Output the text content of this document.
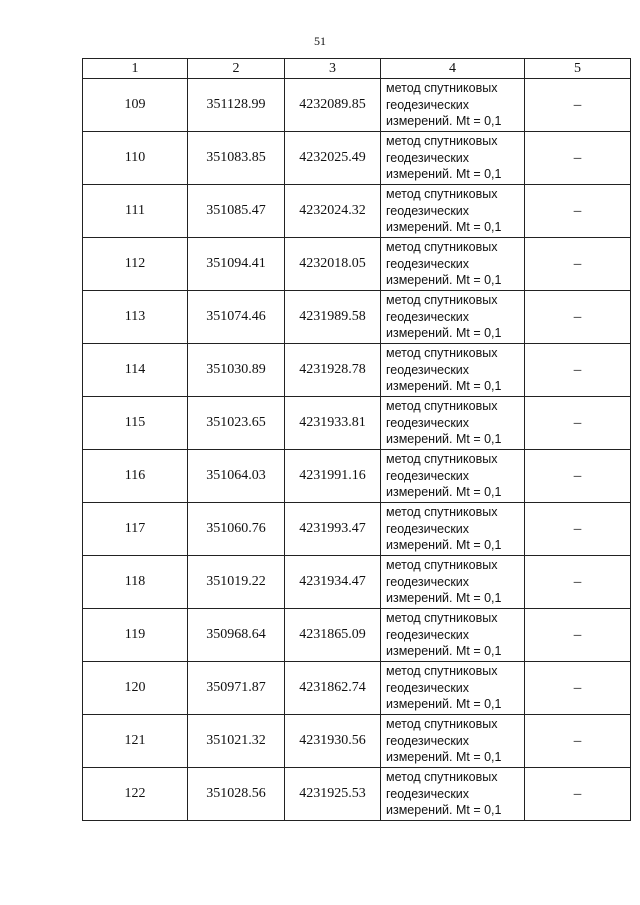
51
1	2	3	4	5
109	351128.99	4232089.85	метод спутниковых
геодезических
измерений. Mt = 0,1	–
110	351083.85	4232025.49	метод спутниковых
геодезических
измерений. Mt = 0,1	–
111	351085.47	4232024.32	метод спутниковых
геодезических
измерений. Mt = 0,1	–
112	351094.41	4232018.05	метод спутниковых
геодезических
измерений. Mt = 0,1	–
113	351074.46	4231989.58	метод спутниковых
геодезических
измерений. Mt = 0,1	–
114	351030.89	4231928.78	метод спутниковых
геодезических
измерений. Mt = 0,1	–
115	351023.65	4231933.81	метод спутниковых
геодезических
измерений. Mt = 0,1	–
116	351064.03	4231991.16	метод спутниковых
геодезических
измерений. Mt = 0,1	–
117	351060.76	4231993.47	метод спутниковых
геодезических
измерений. Mt = 0,1	–
118	351019.22	4231934.47	метод спутниковых
геодезических
измерений. Mt = 0,1	–
119	350968.64	4231865.09	метод спутниковых
геодезических
измерений. Mt = 0,1	–
120	350971.87	4231862.74	метод спутниковых
геодезических
измерений. Mt = 0,1	–
121	351021.32	4231930.56	метод спутниковых
геодезических
измерений. Mt = 0,1	–
122	351028.56	4231925.53	метод спутниковых
геодезических
измерений. Mt = 0,1	–
